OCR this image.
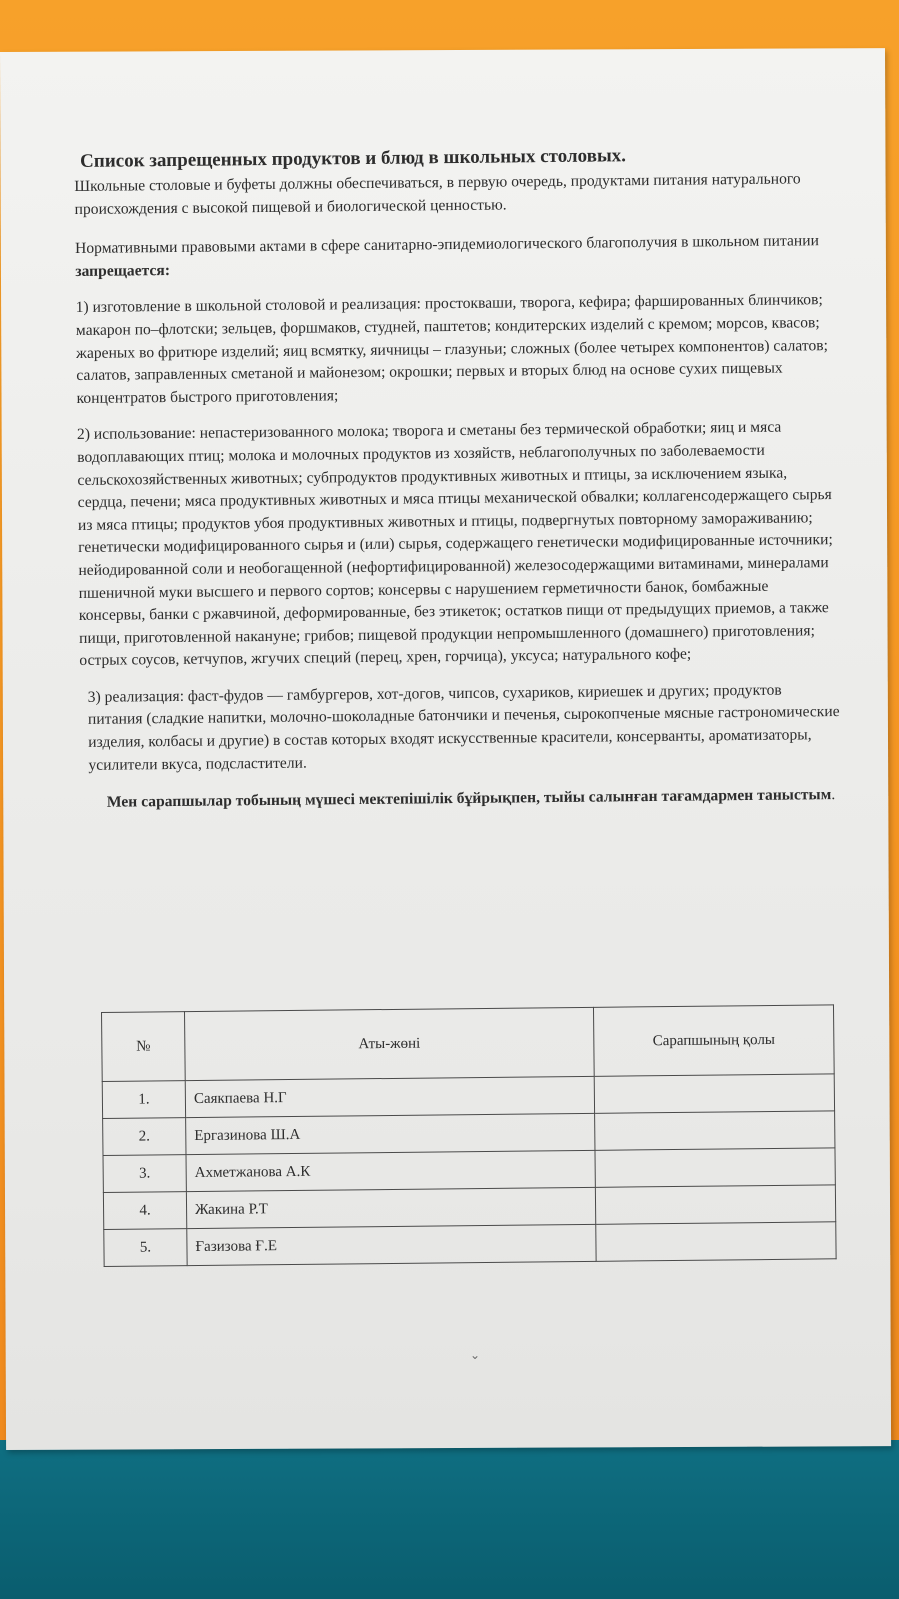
Список запрещенных продуктов и блюд в школьных столовых.

Школьные столовые и буфеты должны обеспечиваться, в первую очередь, продуктами питания натурального происхождения с высокой пищевой и биологической ценностью.

Нормативными правовыми актами в сфере санитарно-эпидемиологического благополучия в школьном питании запрещается:

1) изготовление в школьной столовой и реализация: простокваши, творога, кефира; фаршированных блинчиков; макарон по–флотски; зельцев, форшмаков, студней, паштетов; кондитерских изделий с кремом; морсов, квасов; жареных во фритюре изделий; яиц всмятку, яичницы – глазуньи; сложных (более четырех компонентов) салатов; салатов, заправленных сметаной и майонезом; окрошки; первых и вторых блюд на основе сухих пищевых концентратов быстрого приготовления;

2) использование: непастеризованного молока; творога и сметаны без термической обработки; яиц и мяса водоплавающих птиц; молока и молочных продуктов из хозяйств, неблагополучных по заболеваемости сельскохозяйственных животных; субпродуктов продуктивных животных и птицы, за исключением языка, сердца, печени; мяса продуктивных животных и мяса птицы механической обвалки; коллагенсодержащего сырья из мяса птицы; продуктов убоя продуктивных животных и птицы, подвергнутых повторному замораживанию; генетически модифицированного сырья и (или) сырья, содержащего генетически модифицированные источники; нейодированной соли и необогащенной (нефортифицированной) железосодержащими витаминами, минералами пшеничной муки высшего и первого сортов; консервы с нарушением герметичности банок, бомбажные консервы, банки с ржавчиной, деформированные, без этикеток; остатков пищи от предыдущих приемов, а также пищи, приготовленной накануне; грибов; пищевой продукции непромышленного (домашнего) приготовления; острых соусов, кетчупов, жгучих специй (перец, хрен, горчица), уксуса; натурального кофе;

3) реализация: фаст-фудов — гамбургеров, хот-догов, чипсов, сухариков, кириешек и других; продуктов питания (сладкие напитки, молочно-шоколадные батончики и печенья, сырокопченые мясные гастрономические изделия, колбасы и другие) в состав которых входят искусственные красители, консерванты, ароматизаторы, усилители вкуса, подсластители.

Мен сарапшылар тобының мүшесі мектепішілік бұйрықпен, тыйы салынған тағамдармен таныстым.
№	Аты-жөні	Сарапшының қолы
1.	Саякпаева Н.Г	
2.	Ергазинова Ш.А	
3.	Ахметжанова А.К	
4.	Жакина Р.Т	
5.	Ғазизова Ғ.Е	
⌄
